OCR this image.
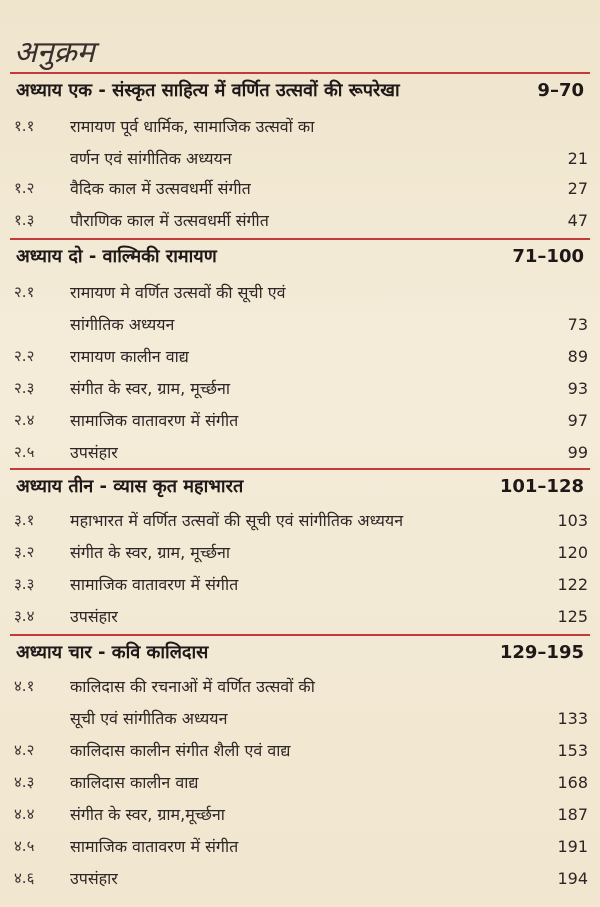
अनुक्रम
अध्याय एक - संस्कृत साहित्य में वर्णित उत्सवों की रूपरेखा	9–70
१.१	रामायण पूर्व धार्मिक, सामाजिक उत्सवों का
वर्णन एवं सांगीतिक अध्ययन	21
१.२	वैदिक काल में उत्सवधर्मी संगीत	27
१.३	पौराणिक काल में उत्सवधर्मी संगीत	47
अध्याय दो - वाल्मिकी रामायण	71–100
२.१	रामायण मे वर्णित उत्सवों की सूची एवं
सांगीतिक अध्ययन	73
२.२	रामायण कालीन वाद्य	89
२.३	संगीत के स्वर, ग्राम, मूर्च्छना	93
२.४	सामाजिक वातावरण में संगीत	97
२.५	उपसंहार	99
अध्याय तीन - व्यास कृत महाभारत	101–128
३.१	महाभारत में वर्णित उत्सवों की सूची एवं सांगीतिक अध्ययन	103
३.२	संगीत के स्वर, ग्राम, मूर्च्छना	120
३.३	सामाजिक वातावरण में संगीत	122
३.४	उपसंहार	125
अध्याय चार - कवि कालिदास	129–195
४.१	कालिदास की रचनाओं में वर्णित उत्सवों की
सूची एवं सांगीतिक अध्ययन	133
४.२	कालिदास कालीन संगीत शैली एवं वाद्य	153
४.३	कालिदास कालीन वाद्य	168
४.४	संगीत के स्वर, ग्राम,मूर्च्छना	187
४.५	सामाजिक वातावरण में संगीत	191
४.६	उपसंहार	194
